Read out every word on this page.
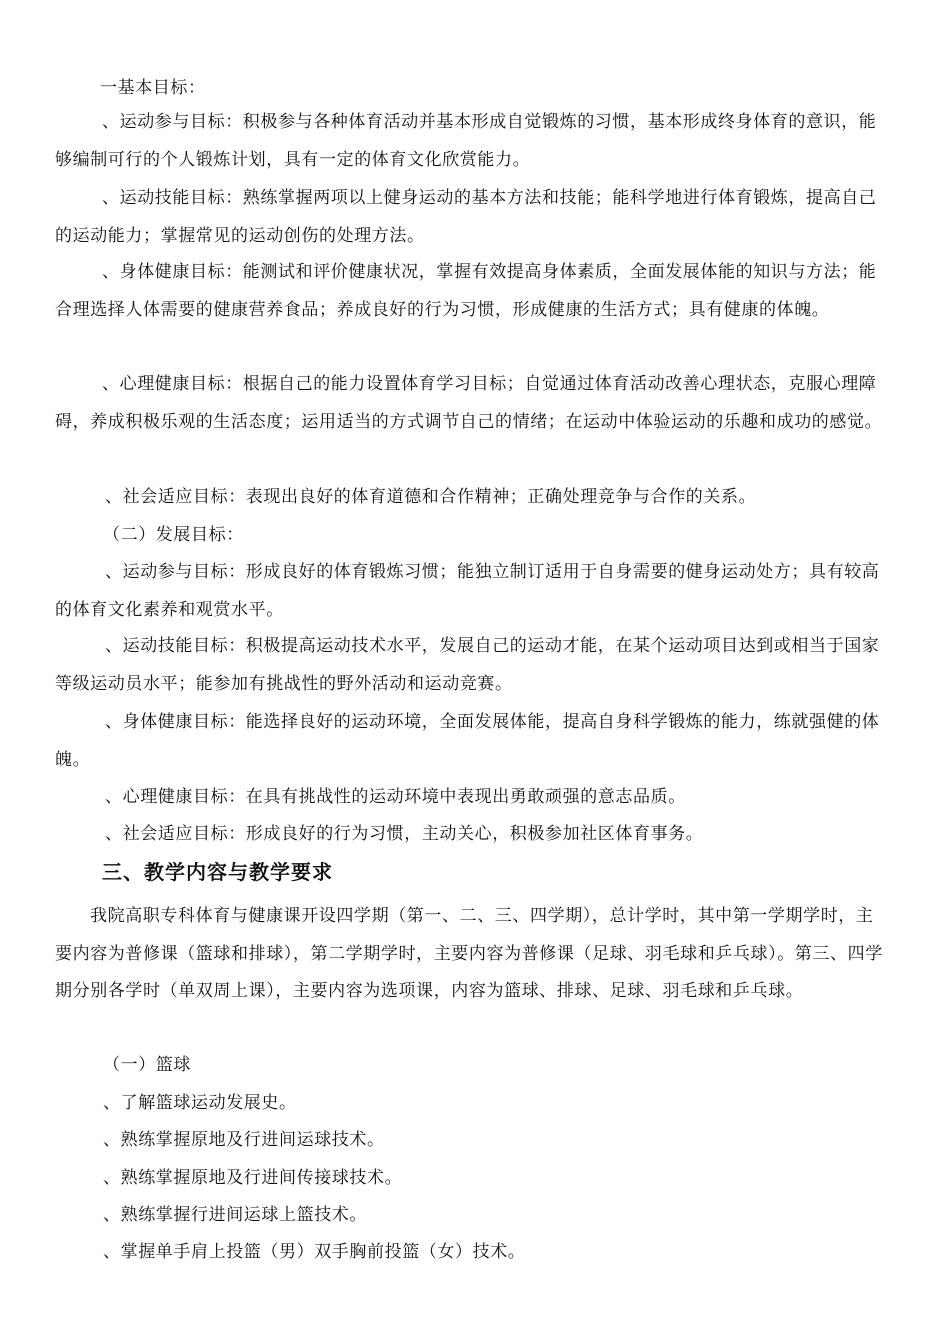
一基本目标：
、运动参与目标：积极参与各种体育活动并基本形成自觉锻炼的习惯，基本形成终身体育的意识，能够编制可行的个人锻炼计划，具有一定的体育文化欣赏能力。
、运动技能目标：熟练掌握两项以上健身运动的基本方法和技能；能科学地进行体育锻炼，提高自己的运动能力；掌握常见的运动创伤的处理方法。
、身体健康目标：能测试和评价健康状况，掌握有效提高身体素质，全面发展体能的知识与方法；能合理选择人体需要的健康营养食品；养成良好的行为习惯，形成健康的生活方式；具有健康的体魄。
、心理健康目标：根据自己的能力设置体育学习目标；自觉通过体育活动改善心理状态，克服心理障碍，养成积极乐观的生活态度；运用适当的方式调节自己的情绪；在运动中体验运动的乐趣和成功的感觉。
、社会适应目标：表现出良好的体育道德和合作精神；正确处理竞争与合作的关系。
（二）发展目标：
、运动参与目标：形成良好的体育锻炼习惯；能独立制订适用于自身需要的健身运动处方；具有较高的体育文化素养和观赏水平。
、运动技能目标：积极提高运动技术水平，发展自己的运动才能，在某个运动项目达到或相当于国家等级运动员水平；能参加有挑战性的野外活动和运动竞赛。
、身体健康目标：能选择良好的运动环境，全面发展体能，提高自身科学锻炼的能力，练就强健的体魄。
、心理健康目标：在具有挑战性的运动环境中表现出勇敢顽强的意志品质。
、社会适应目标：形成良好的行为习惯，主动关心，积极参加社区体育事务。
三、教学内容与教学要求
我院高职专科体育与健康课开设四学期（第一、二、三、四学期），总计学时，其中第一学期学时，主要内容为普修课（篮球和排球），第二学期学时，主要内容为普修课（足球、羽毛球和乒乓球）。第三、四学期分别各学时（单双周上课），主要内容为选项课，内容为篮球、排球、足球、羽毛球和乒乓球。
（一）篮球
、了解篮球运动发展史。
、熟练掌握原地及行进间运球技术。
、熟练掌握原地及行进间传接球技术。
、熟练掌握行进间运球上篮技术。
、掌握单手肩上投篮（男）双手胸前投篮（女）技术。
